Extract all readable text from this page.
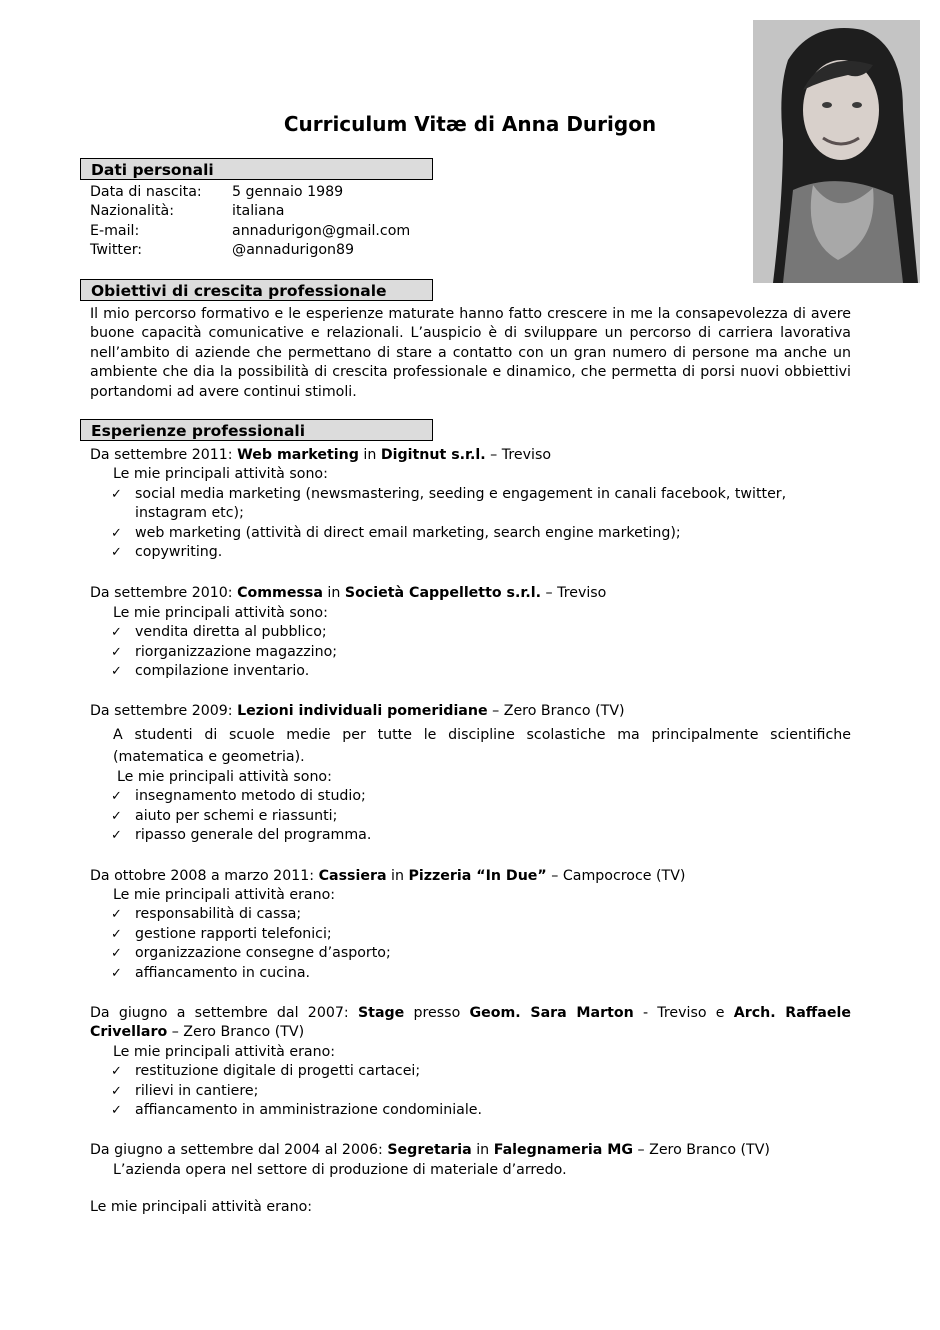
Curriculum Vitæ di Anna Durigon
Dati personali
Data di nascita:	5 gennaio 1989
Nazionalità:	italiana
E-mail:	annadurigon@gmail.com
Twitter:	@annadurigon89
Obiettivi di crescita professionale

Il mio percorso formativo e le esperienze maturate hanno fatto crescere in me la consapevolezza di avere buone capacità comunicative e relazionali. L’auspicio è di sviluppare un percorso di carriera lavorativa nell’ambito di aziende che permettano di stare a contatto con un gran numero di persone ma anche un ambiente che dia la possibilità di crescita professionale e dinamico, che permetta di porsi nuovi obbiettivi portandomi ad avere continui stimoli.

Esperienze professionali

Da settembre 2011: Web marketing in Digitnut s.r.l. – Treviso

Le mie principali attività sono:

✓ social media marketing (newsmastering, seeding e engagement in canali facebook, twitter, instagram etc);
✓ web marketing (attività di direct email marketing, search engine marketing);
✓ copywriting.

Da settembre 2010: Commessa in Società Cappelletto s.r.l. – Treviso

Le mie principali attività sono:

✓ vendita diretta al pubblico;
✓ riorganizzazione magazzino;
✓ compilazione inventario.

Da settembre 2009: Lezioni individuali pomeridiane – Zero Branco (TV)

A studenti di scuole medie per tutte le discipline scolastiche ma principalmente scientifiche (matematica e geometria).

Le mie principali attività sono:

✓ insegnamento metodo di studio;
✓ aiuto per schemi e riassunti;
✓ ripasso generale del programma.

Da ottobre 2008 a marzo 2011: Cassiera in Pizzeria “In Due” – Campocroce (TV)

Le mie principali attività erano:

✓ responsabilità di cassa;
✓ gestione rapporti telefonici;
✓ organizzazione consegne d’asporto;
✓ affiancamento in cucina.

Da giugno a settembre dal 2007: Stage presso Geom. Sara Marton - Treviso e Arch. Raffaele Crivellaro – Zero Branco (TV)

Le mie principali attività erano:

✓ restituzione digitale di progetti cartacei;
✓ rilievi in cantiere;
✓ affiancamento in amministrazione condominiale.

Da giugno a settembre dal 2004 al 2006: Segretaria in Falegnameria MG – Zero Branco (TV)

L’azienda opera nel settore di produzione di materiale d’arredo.

Le mie principali attività erano:
